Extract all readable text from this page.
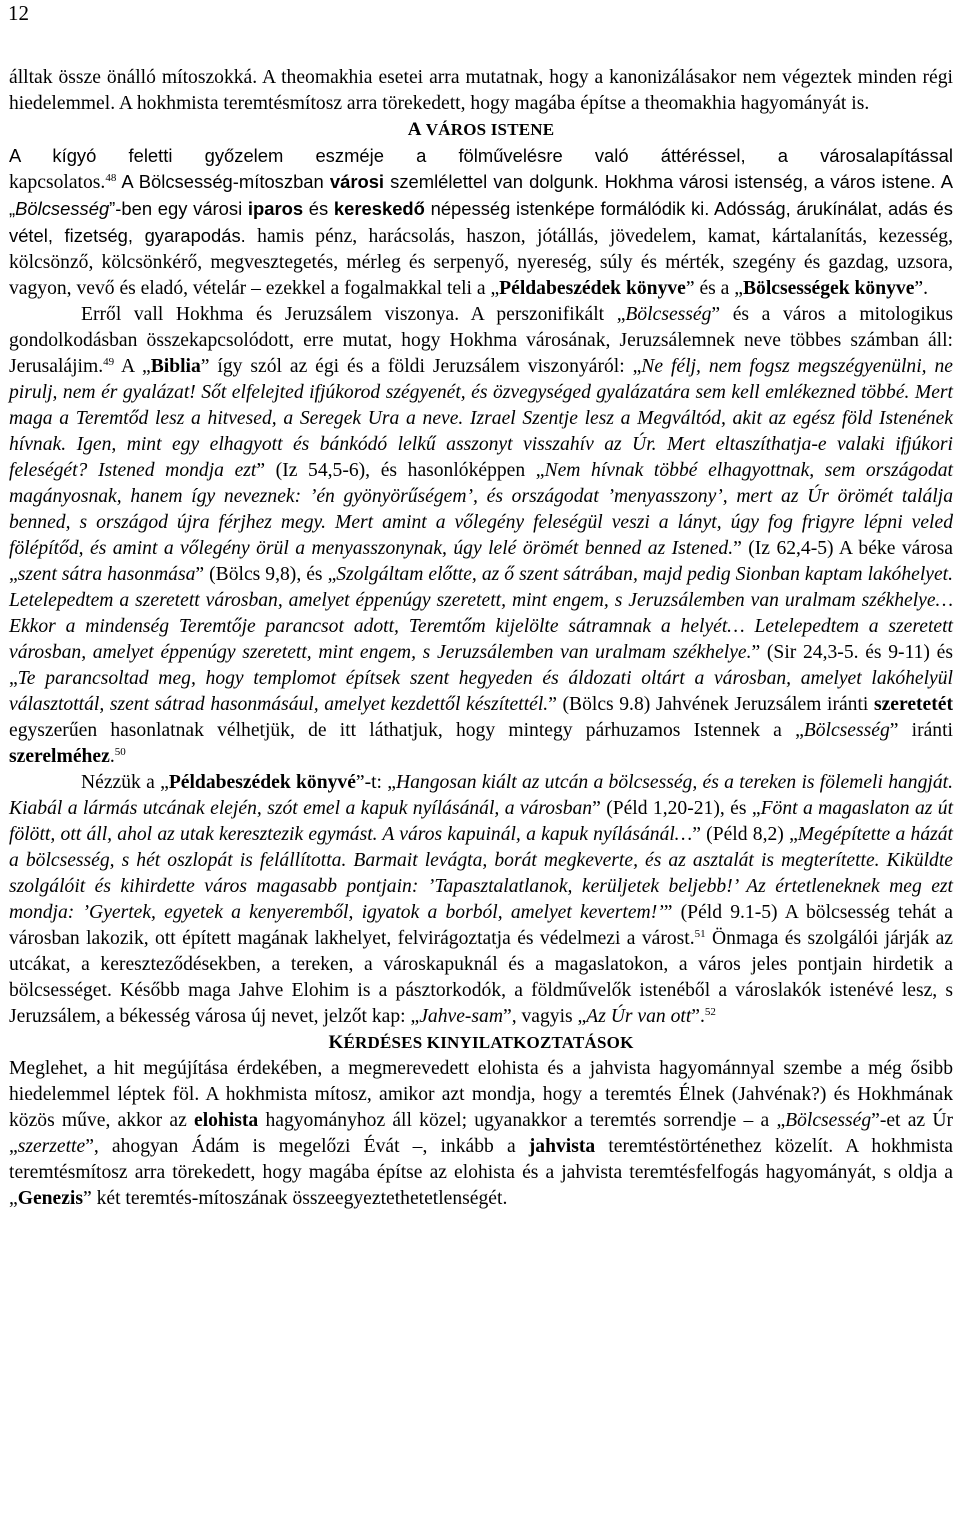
12

álltak össze önálló mítoszokká. A theomakhia esetei arra mutatnak, hogy a kanonizálásakor nem végeztek minden régi hiedelemmel. A hokhmista teremtésmítosz arra törekedett, hogy magába építse a theomakhia hagyományát is.

A VÁROS ISTENE

A kígyó feletti győzelem eszméje a fölművelésre való áttéréssel, a városalapítással
kapcsolatos.$^{48}$ A Bölcsesség-mítoszban városi szemlélettel van dolgunk. Hokhma városi istenség, a város istene. A „Bölcsesség”-ben egy városi iparos és kereskedő népesség istenképe formálódik ki. Adósság, árukínálat, adás és vétel, fizetség, gyarapodás. hamis pénz, harácsolás, haszon, jótállás, jövedelem, kamat, kártalanítás, kezesség, kölcsönző, kölcsönkérő, megvesztegetés, mérleg és serpenyő, nyereség, súly és mérték, szegény és gazdag, uzsora, vagyon, vevő és eladó, vételár – ezekkel a fogalmakkal teli a „Példabeszédek könyve” és a „Bölcsességek könyve”.

Erről vall Hokhma és Jeruzsálem viszonya. A perszonifikált „Bölcsesség” és a város a mitologikus gondolkodásban összekapcsolódott, erre mutat, hogy Hokhma városának, Jeruzsálemnek neve többes számban áll: Jerusalájim.$^{49}$ A „Biblia” így szól az égi és a földi Jeruzsálem viszonyáról: „Ne félj, nem fogsz megszégyenülni, ne pirulj, nem ér gyalázat! Sőt elfelejted ifjúkorod szégyenét, és özvegységed gyalázatára sem kell emlékezned többé. Mert maga a Teremtőd lesz a hitvesed, a Seregek Ura a neve. Izrael Szentje lesz a Megváltód, akit az egész föld Istenének hívnak. Igen, mint egy elhagyott és bánkódó lelkű asszonyt visszahív az Úr. Mert eltaszíthatja-e valaki ifjúkori feleségét? Istened mondja ezt” (Iz 54,5-6), és hasonlóképpen „Nem hívnak többé elhagyottnak, sem országodat magányosnak, hanem így neveznek: ’én gyönyörűségem’, és országodat ’menyasszony’, mert az Úr örömét találja benned, s országod újra férjhez megy. Mert amint a vőlegény feleségül veszi a lányt, úgy fog frigyre lépni veled fölépítőd, és amint a vőlegény örül a menyasszonynak, úgy lelé örömét benned az Istened.” (Iz 62,4-5) A béke városa „szent sátra hasonmása” (Bölcs 9,8), és „Szolgáltam előtte, az ő szent sátrában, majd pedig Sionban kaptam lakóhelyet. Letelepedtem a szeretett városban, amelyet éppenúgy szeretett, mint engem, s Jeruzsálemben van uralmam székhelye… Ekkor a mindenség Teremtője parancsot adott, Teremtőm kijelölte sátramnak a helyét… Letelepedtem a szeretett városban, amelyet éppenúgy szeretett, mint engem, s Jeruzsálemben van uralmam székhelye.” (Sir 24,3-5. és 9-11) és „Te parancsoltad meg, hogy templomot építsek szent hegyeden és áldozati oltárt a városban, amelyet lakóhelyül választottál, szent sátrad hasonmásául, amelyet kezdettől készítettél.” (Bölcs 9.8) Jahvének Jeruzsálem iránti szeretetét egyszerűen hasonlatnak vélhetjük, de itt láthatjuk, hogy mintegy párhuzamos Istennek a „Bölcsesség” iránti szerelméhez.$^{50}$

Nézzük a „Példabeszédek könyvé”-t: „Hangosan kiált az utcán a bölcsesség, és a tereken is fölemeli hangját. Kiabál a lármás utcának elején, szót emel a kapuk nyílásánál, a városban” (Péld 1,20-21), és „Fönt a magaslaton az út fölött, ott áll, ahol az utak keresztezik egymást. A város kapuinál, a kapuk nyílásánál…” (Péld 8,2) „Megépítette a házát a bölcsesség, s hét oszlopát is felállította. Barmait levágta, borát megkeverte, és az asztalát is megterítette. Kiküldte szolgálóit és kihirdette város magasabb pontjain: ’Tapasztalatlanok, kerüljetek beljebb!’ Az értetleneknek meg ezt mondja: ’Gyertek, egyetek a kenyeremből, igyatok a borból, amelyet kevertem!’” (Péld 9.1-5) A bölcsesség tehát a városban lakozik, ott épített magának lakhelyet, felvirágoztatja és védelmezi a várost.$^{51}$ Önmaga és szolgálói járják az utcákat, a kereszteződésekben, a tereken, a városkapuknál és a magaslatokon, a város jeles pontjain hirdetik a bölcsességet. Később maga Jahve Elohim is a pásztorkodók, a földművelők istenéből a városlakók istenévé lesz, s Jeruzsálem, a békesség városa új nevet, jelzőt kap: „Jahve-sam”, vagyis „Az Úr van ott”.$^{52}$

KÉRDÉSES KINYILATKOZTATÁSOK

Meglehet, a hit megújítása érdekében, a megmerevedett elohista és a jahvista hagyománnyal szembe a még ősibb hiedelemmel léptek föl. A hokhmista mítosz, amikor azt mondja, hogy a teremtés Élnek (Jahvénak?) és Hokhmának közös műve, akkor az elohista hagyományhoz áll közel; ugyanakkor a teremtés sorrendje – a „Bölcsesség”-et az Úr „szerzette”, ahogyan Ádám is megelőzi Évát –, inkább a jahvista teremtéstörténethez közelít. A hokhmista teremtésmítosz arra törekedett, hogy magába építse az elohista és a jahvista teremtésfelfogás hagyományát, s oldja a „Genezis” két teremtés-mítoszának összeegyeztethetetlenségét.
